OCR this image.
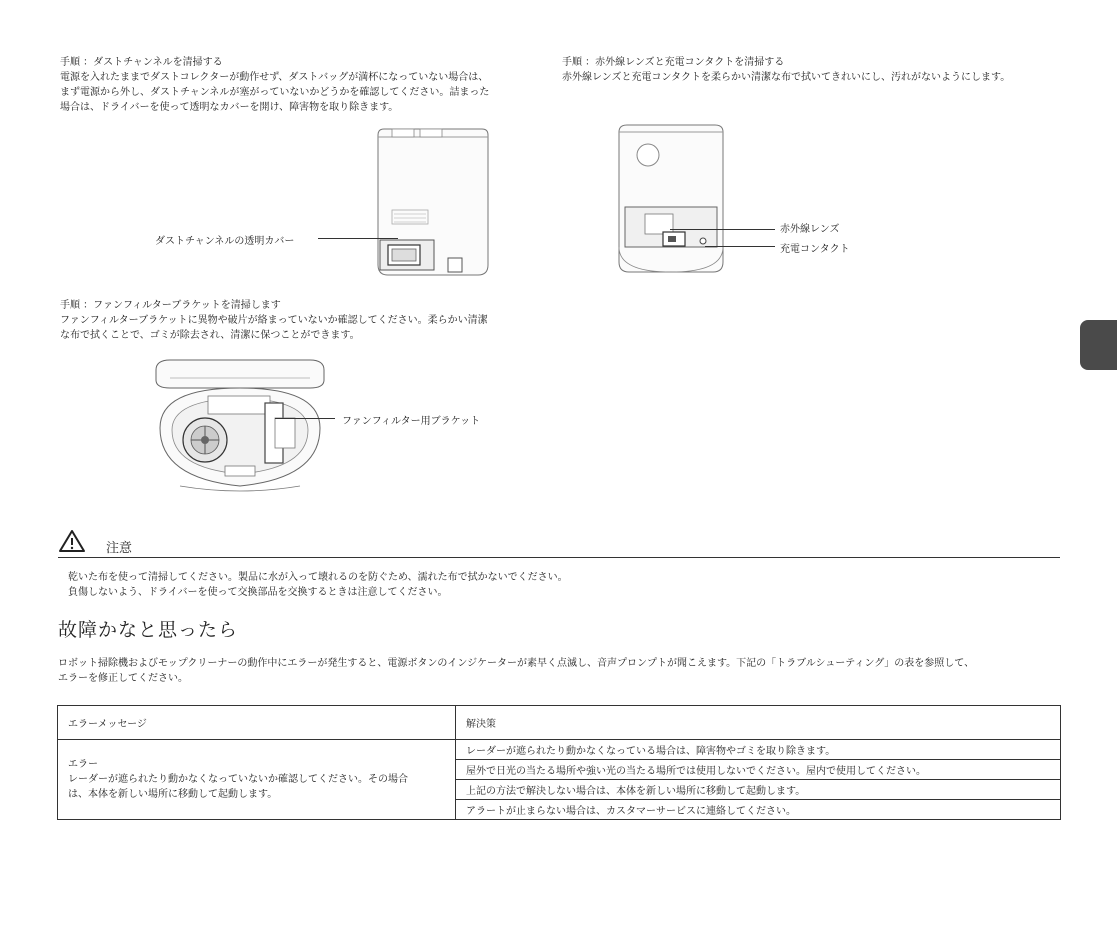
手順 ：ダストチャンネルを清掃する

電源を入れたままでダストコレクターが動作せず、ダストバッグが満杯になっていない場合は、

まず電源から外し、ダストチャンネルが塞がっていないかどうかを確認してください。詰まった

場合は、ドライバーを使って透明なカバーを開け、障害物を取り除きます。

ダストチャンネルの透明カバー

手順 ：赤外線レンズと充電コンタクトを清掃する

赤外線レンズと充電コンタクトを柔らかい清潔な布で拭いてきれいにし、汚れがないようにします。

赤外線レンズ
充電コンタクト

手順 ：ファンフィルターブラケットを清掃します

ファンフィルターブラケットに異物や破片が絡まっていないか確認してください。柔らかい清潔

な布で拭くことで、ゴミが除去され、清潔に保つことができます。

ファンフィルター用ブラケット
注意

乾いた布を使って清掃してください。製品に水が入って壊れるのを防ぐため、濡れた布で拭かないでください。

負傷しないよう、ドライバーを使って交換部品を交換するときは注意してください。

故障かなと思ったら

ロボット掃除機およびモップクリーナーの動作中にエラーが発生すると、電源ボタンのインジケーターが素早く点滅し、音声プロンプトが聞こえます。下記の「トラブルシューティング」の表を参照して、

エラーを修正してください。

エラーメッセージ	解決策

エラー
レーダーが遮られたり動かなくなっていないか確認してください。その場合
は、本体を新しい場所に移動して起動します。	レーダーが遮られたり動かなくなっている場合は、障害物やゴミを取り除きます。
	屋外で日光の当たる場所や強い光の当たる場所では使用しないでください。屋内で使用してください。
	上記の方法で解決しない場合は、本体を新しい場所に移動して起動します。
	アラートが止まらない場合は、カスタマーサービスに連絡してください。
